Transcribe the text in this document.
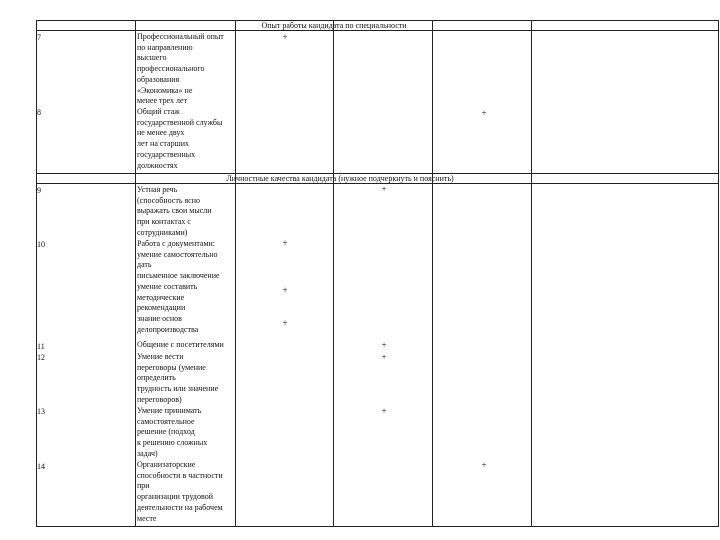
Опыт работы кандидата по специальности
Личностные качества кандидата (нужное подчеркнуть и пояснить)
7
8
9
10
11
12
13
14
Профессиональный опыт
по направлению
высшего
профессионального
образования
«Экономика» не
менее трех лет
Общий стаж
государственной службы
не менее двух
лет на старших
государственных
должностях
Устная речь
(способность ясно
выражать свои мысли
при контактах с
сотрудниками)
Работа с документами:
умение самостоятельно
дать
письменное заключение
умение составить
методические
рекомендации
знание основ
делопроизводства
Общение с посетителями
Умение вести
переговоры (умение
определить
трудность или значение
переговоров)
Умение принимать
самостоятельное
решение (подход
к решению сложных
задач)
Организаторские
способности в частности
при
организации трудовой
деятельности на рабочем
месте
+
+
+
+
+
+
+
+
+
+
